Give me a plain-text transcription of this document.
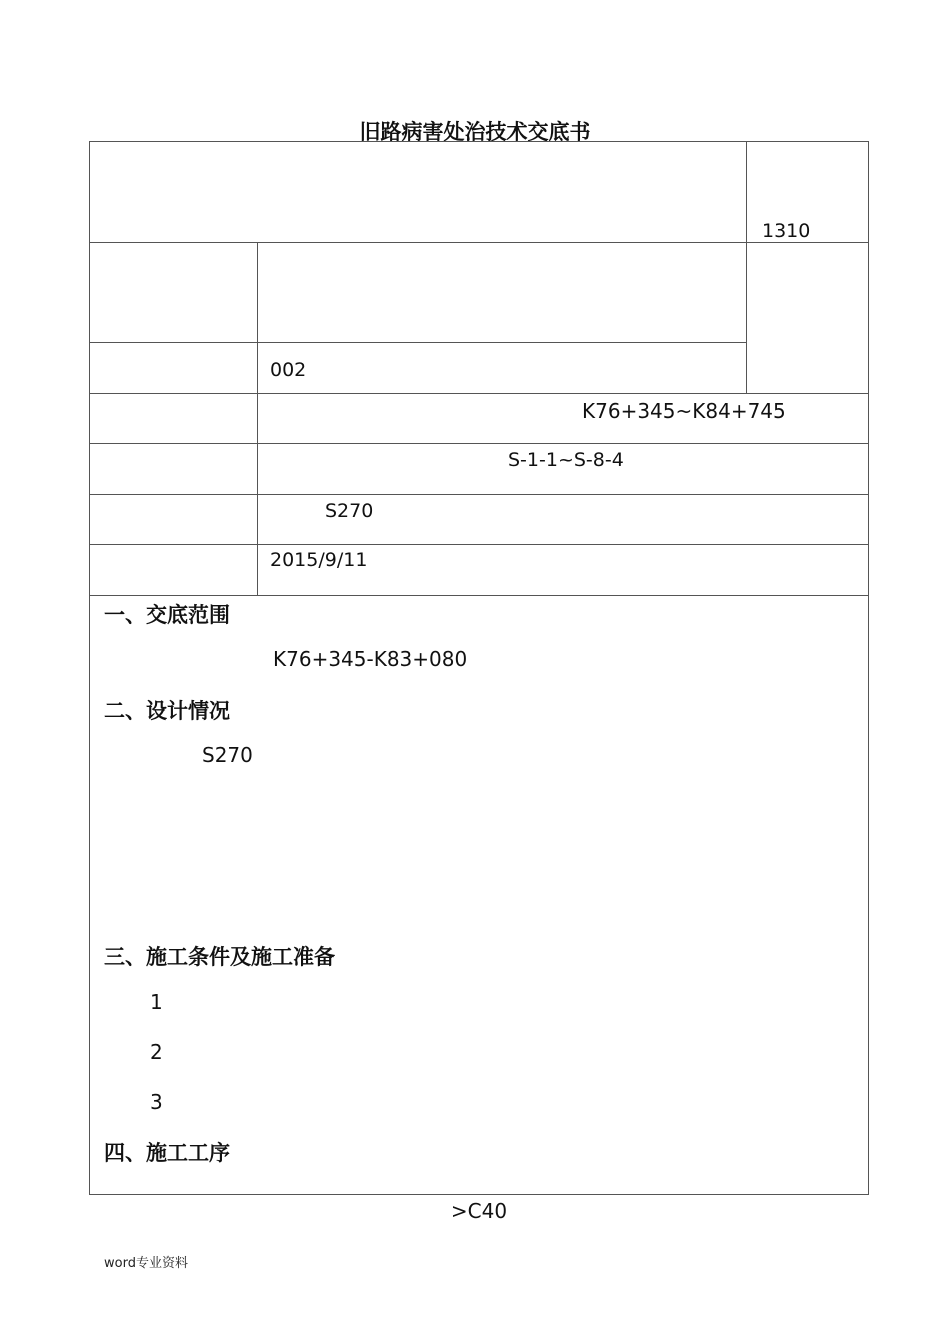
旧路病害处治技术交底书
1310
002
K76+345~K84+745
S-1-1~S-8-4
S270
2015/9/11
一、交底范围
K76+345-K83+080
二、设计情况
S270
三、施工条件及施工准备
1
2
3
四、施工工序
>C40
word专业资料
